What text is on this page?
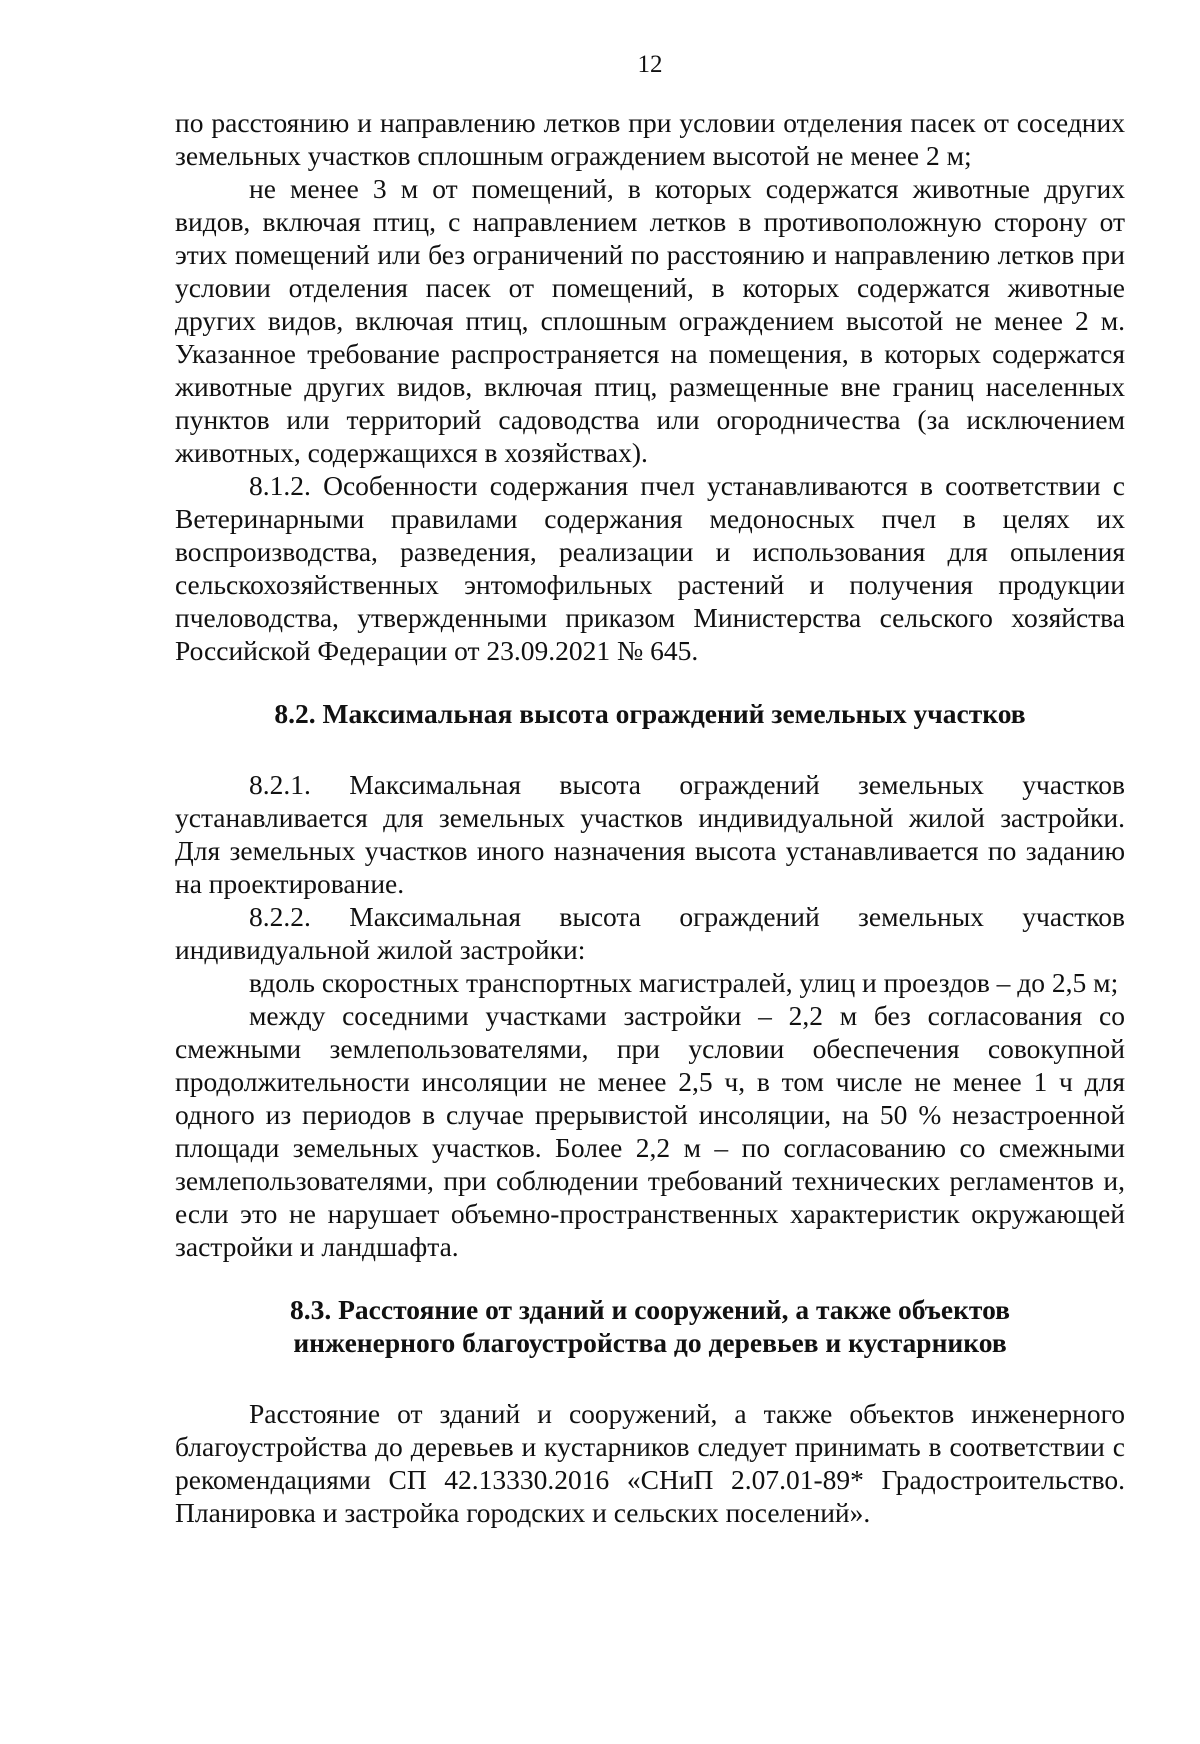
12

по расстоянию и направлению летков при условии отделения пасек от соседних земельных участков сплошным ограждением высотой не менее 2 м;

не менее 3 м от помещений, в которых содержатся животные других видов, включая птиц, с направлением летков в противоположную сторону от этих помещений или без ограничений по расстоянию и направлению летков при условии отделения пасек от помещений, в которых содержатся животные других видов, включая птиц, сплошным ограждением высотой не менее 2 м. Указанное требование распространяется на помещения, в которых содержатся животные других видов, включая птиц, размещенные вне границ населенных пунктов или территорий садоводства или огородничества (за исключением животных, содержащихся в хозяйствах).

8.1.2. Особенности содержания пчел устанавливаются в соответствии с Ветеринарными правилами содержания медоносных пчел в целях их воспроизводства, разведения, реализации и использования для опыления сельскохозяйственных энтомофильных растений и получения продукции пчеловодства, утвержденными приказом Министерства сельского хозяйства Российской Федерации от 23.09.2021 № 645.

8.2. Максимальная высота ограждений земельных участков

8.2.1. Максимальная высота ограждений земельных участков устанавливается для земельных участков индивидуальной жилой застройки. Для земельных участков иного назначения высота устанавливается по заданию на проектирование.

8.2.2. Максимальная высота ограждений земельных участков индивидуальной жилой застройки:

вдоль скоростных транспортных магистралей, улиц и проездов – до 2,5 м;

между соседними участками застройки – 2,2 м без согласования со смежными землепользователями, при условии обеспечения совокупной продолжительности инсоляции не менее 2,5 ч, в том числе не менее 1 ч для одного из периодов в случае прерывистой инсоляции, на 50 % незастроенной площади земельных участков. Более 2,2 м – по согласованию со смежными землепользователями, при соблюдении требований технических регламентов и, если это не нарушает объемно-пространственных характеристик окружающей застройки и ландшафта.

8.3. Расстояние от зданий и сооружений, а также объектов

инженерного благоустройства до деревьев и кустарников

Расстояние от зданий и сооружений, а также объектов инженерного благоустройства до деревьев и кустарников следует принимать в соответствии с рекомендациями СП 42.13330.2016 «СНиП 2.07.01-89* Градостроительство. Планировка и застройка городских и сельских поселений».
